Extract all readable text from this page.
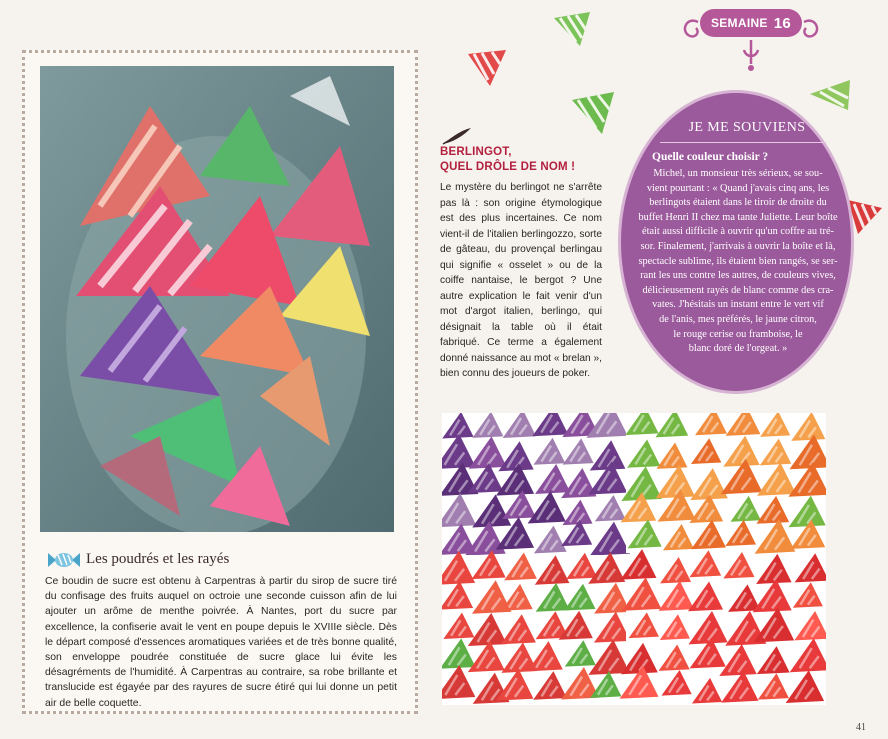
SEMAINE 16
Les poudrés et les rayés
Ce boudin de sucre est obtenu à Carpentras à partir du sirop de sucre tiré du confisage des fruits auquel on octroie une seconde cuisson afin de lui ajouter un arôme de menthe poivrée. À Nantes, port du sucre par excellence, la confiserie avait le vent en poupe depuis le XVIIIe siècle. Dès le départ composé d'essences aromatiques variées et de très bonne qualité, son enveloppe poudrée constituée de sucre glace lui évite les désagréments de l'humidité. À Carpentras au contraire, sa robe brillante et translucide est égayée par des rayures de sucre étiré qui lui donne un petit air de belle coquette.
BERLINGOT,
QUEL DRÔLE DE NOM !
Le mystère du berlingot ne s'arrête pas là : son origine étymologique est des plus incertaines. Ce nom vient-il de l'italien berlingozzo, sorte de gâteau, du provençal berlingau qui signifie « osselet » ou de la coiffe nantaise, le bergot ? Une autre explication le fait venir d'un mot d'argot italien, berlingo, qui désignait la table où il était fabriqué. Ce terme a également donné naissance au mot « brelan », bien connu des joueurs de poker.
JE ME SOUVIENS
Quelle couleur choisir ?
Michel, un monsieur très sérieux, se sou-
vient pourtant : « Quand j'avais cinq ans, les
berlingots étaient dans le tiroir de droite du
buffet Henri II chez ma tante Juliette. Leur boîte
était aussi difficile à ouvrir qu'un coffre au tré-
sor. Finalement, j'arrivais à ouvrir la boîte et là,
spectacle sublime, ils étaient bien rangés, se ser-
rant les uns contre les autres, de couleurs vives,
délicieusement rayés de blanc comme des cra-
vates. J'hésitais un instant entre le vert vif
de l'anis, mes préférés, le jaune citron,
le rouge cerise ou framboise, le
blanc doré de l'orgeat. »
41
